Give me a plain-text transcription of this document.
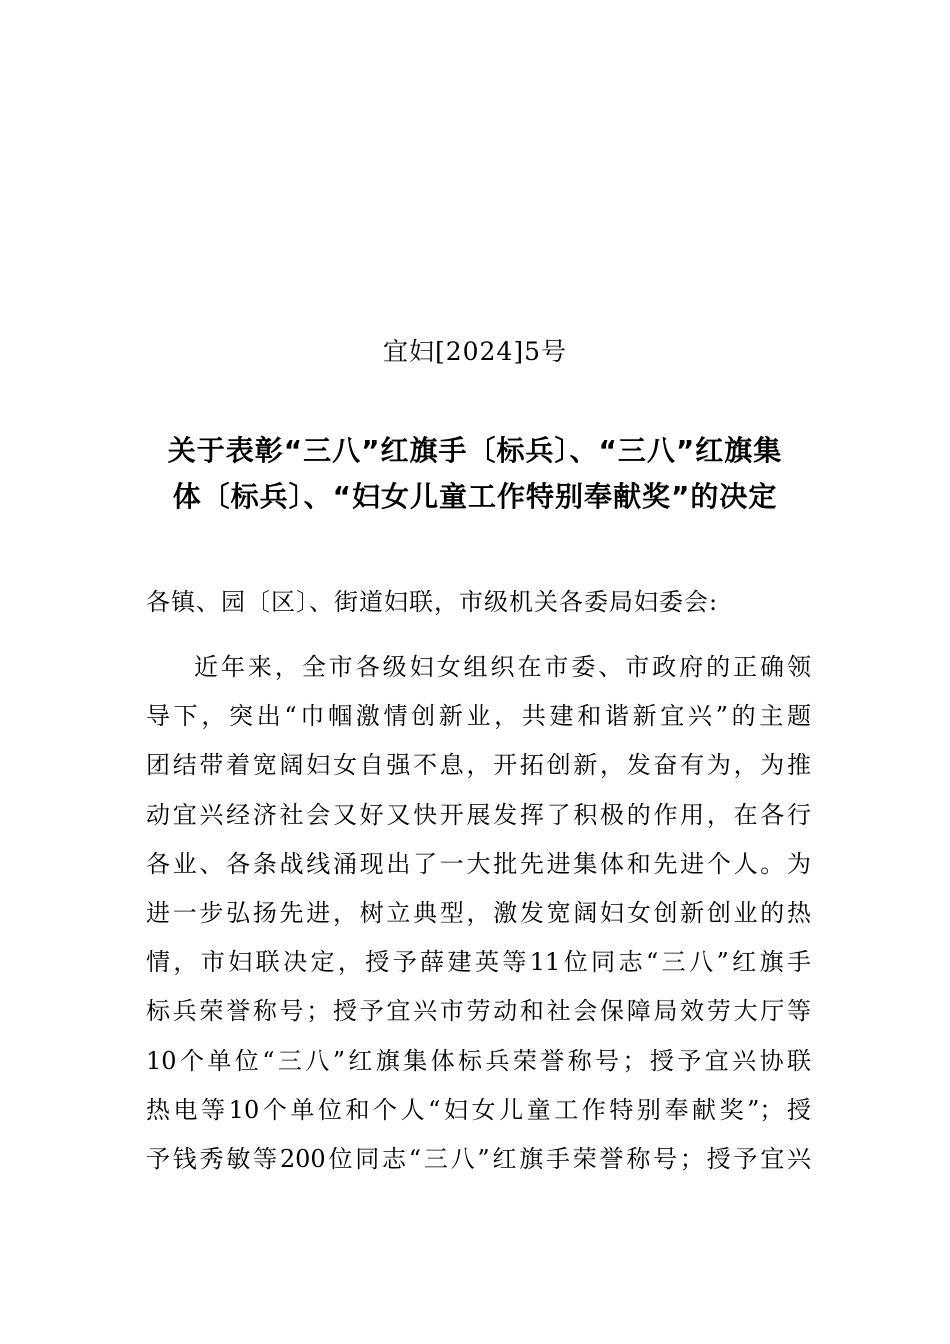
宜妇[2024]5号
关于表彰“三八”红旗手〔标兵〕、“三八”红旗集
体〔标兵〕、“妇女儿童工作特别奉献奖”的决定
各镇、园〔区〕、街道妇联，市级机关各委局妇委会:
近年来，全市各级妇女组织在市委、市政府的正确领
导下，突出“巾帼激情创新业，共建和谐新宜兴”的主题
团结带着宽阔妇女自强不息，开拓创新，发奋有为，为推
动宜兴经济社会又好又快开展发挥了积极的作用，在各行
各业、各条战线涌现出了一大批先进集体和先进个人。为
进一步弘扬先进，树立典型，激发宽阔妇女创新创业的热
情，市妇联决定，授予薛建英等11位同志“三八”红旗手
标兵荣誉称号；授予宜兴市劳动和社会保障局效劳大厅等
10个单位“三八”红旗集体标兵荣誉称号；授予宜兴协联
热电等10个单位和个人“妇女儿童工作特别奉献奖”；授
予钱秀敏等200位同志“三八”红旗手荣誉称号；授予宜兴
